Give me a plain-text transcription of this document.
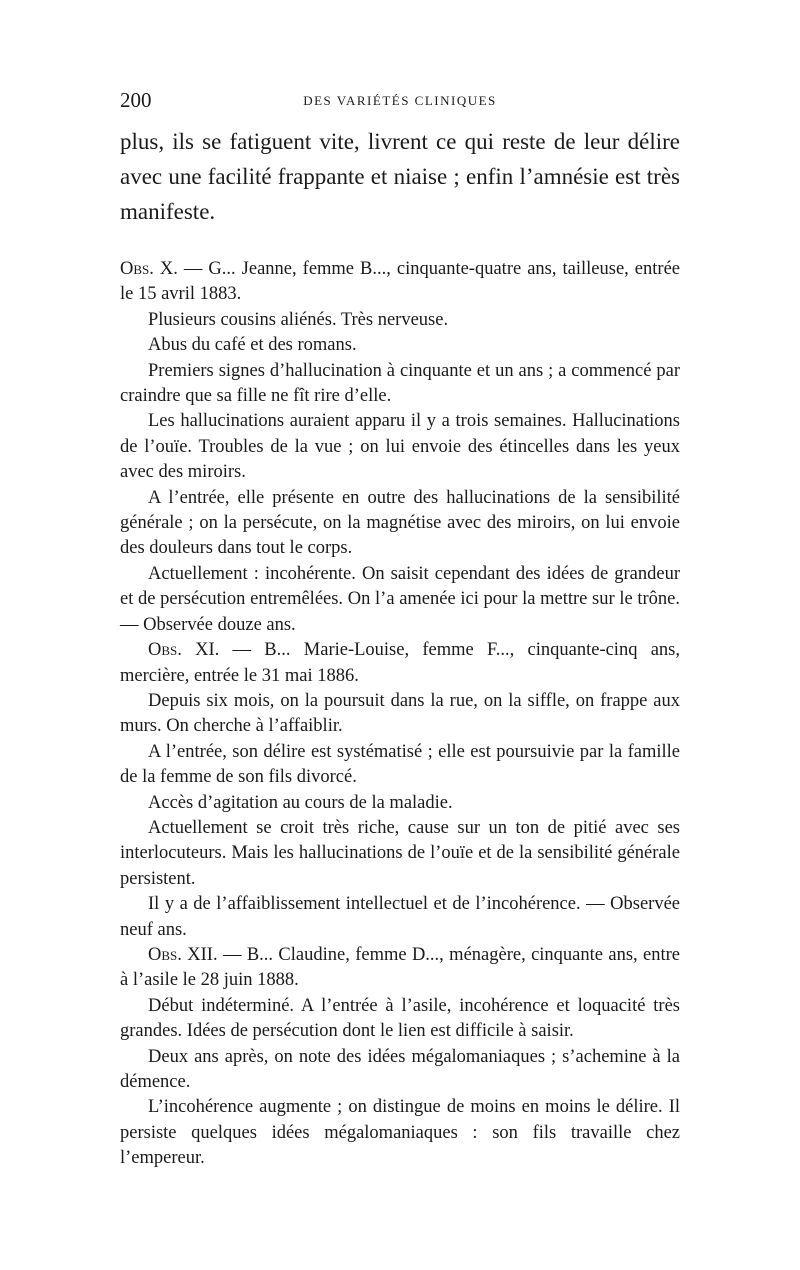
200	DES VARIÉTÉS CLINIQUES

plus, ils se fatiguent vite, livrent ce qui reste de leur délire avec une facilité frappante et niaise ; enfin l’amnésie est très manifeste.

Obs. X. — G... Jeanne, femme B..., cinquante-quatre ans, tailleuse, entrée le 15 avril 1883.

Plusieurs cousins aliénés. Très nerveuse.

Abus du café et des romans.

Premiers signes d’hallucination à cinquante et un ans ; a commencé par craindre que sa fille ne fît rire d’elle.

Les hallucinations auraient apparu il y a trois semaines. Hallucinations de l’ouïe. Troubles de la vue ; on lui envoie des étincelles dans les yeux avec des miroirs.

A l’entrée, elle présente en outre des hallucinations de la sensibilité générale ; on la persécute, on la magnétise avec des miroirs, on lui envoie des douleurs dans tout le corps.

Actuellement : incohérente. On saisit cependant des idées de grandeur et de persécution entremêlées. On l’a amenée ici pour la mettre sur le trône. — Observée douze ans.

Obs. XI. — B... Marie-Louise, femme F..., cinquante-cinq ans, mercière, entrée le 31 mai 1886.

Depuis six mois, on la poursuit dans la rue, on la siffle, on frappe aux murs. On cherche à l’affaiblir.

A l’entrée, son délire est systématisé ; elle est poursuivie par la famille de la femme de son fils divorcé.

Accès d’agitation au cours de la maladie.

Actuellement se croit très riche, cause sur un ton de pitié avec ses interlocuteurs. Mais les hallucinations de l’ouïe et de la sensibilité générale persistent.

Il y a de l’affaiblissement intellectuel et de l’incohérence. — Observée neuf ans.

Obs. XII. — B... Claudine, femme D..., ménagère, cinquante ans, entre à l’asile le 28 juin 1888.

Début indéterminé. A l’entrée à l’asile, incohérence et loquacité très grandes. Idées de persécution dont le lien est difficile à saisir.

Deux ans après, on note des idées mégalomaniaques ; s’achemine à la démence.

L’incohérence augmente ; on distingue de moins en moins le délire. Il persiste quelques idées mégalomaniaques : son fils travaille chez l’empereur.
